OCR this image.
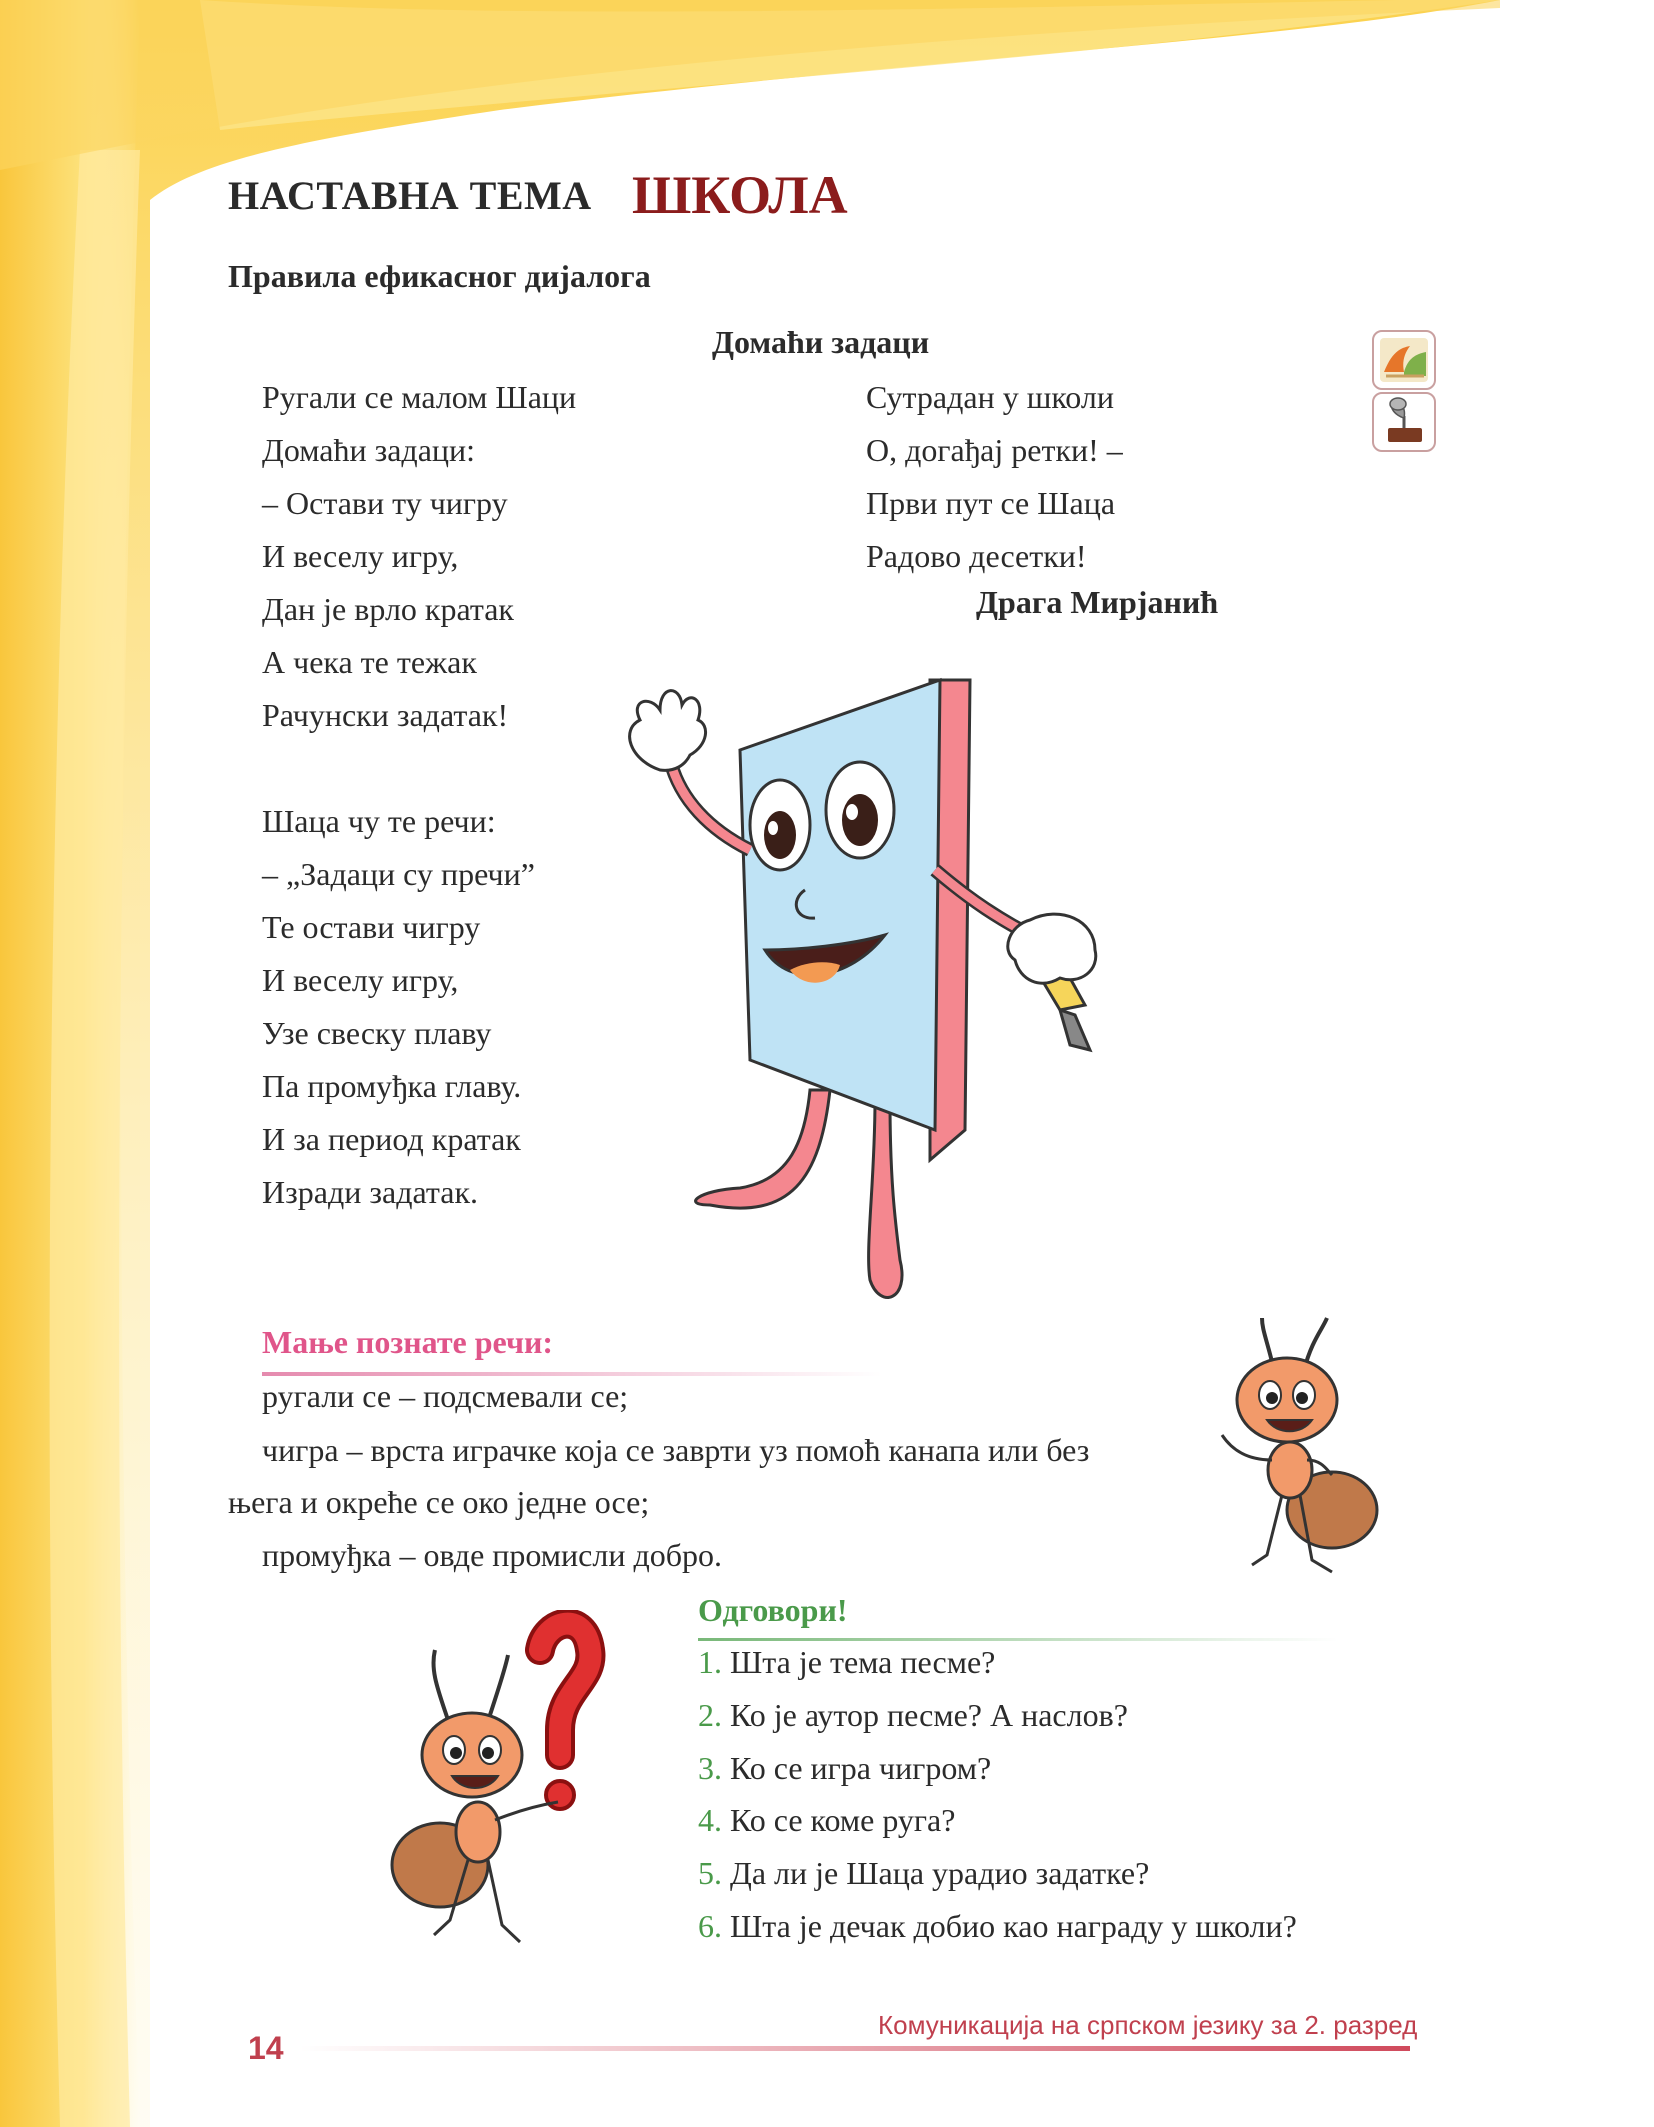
НАСТАВНА ТЕМА ШКОЛА
Правила ефикасног дијалога
Домаћи задаци
Ругали се малом Шаци
Домаћи задаци:
– Остави ту чигру
И веселу игру,
Дан је врло кратак
А чека те тежак
Рачунски задатак!
Шаца чу те речи:
– „Задаци су пречи”
Те остави чигру
И веселу игру,
Узе свеску плаву
Па промуђка главу.
И за период кратак
Изради задатак.
Сутрадан у школи
О, догађај ретки! –
Први пут се Шаца
Радово десетки!
Драга Мирјанић
Мање познате речи:
ругали се – подсмевали се;
чигра – врста играчке која се заврти уз помоћ канапа или без
њега и окреће се око једне осе;
промуђка – овде промисли добро.
Одговори!
1. Шта је тема песме?
2. Ко је аутор песме? А наслов?
3. Ко се игра чигром?
4. Ко се коме руга?
5. Да ли је Шаца урадио задатке?
6. Шта је дечак добио као награду у школи?
Комуникација на српском језику за 2. разред
14
